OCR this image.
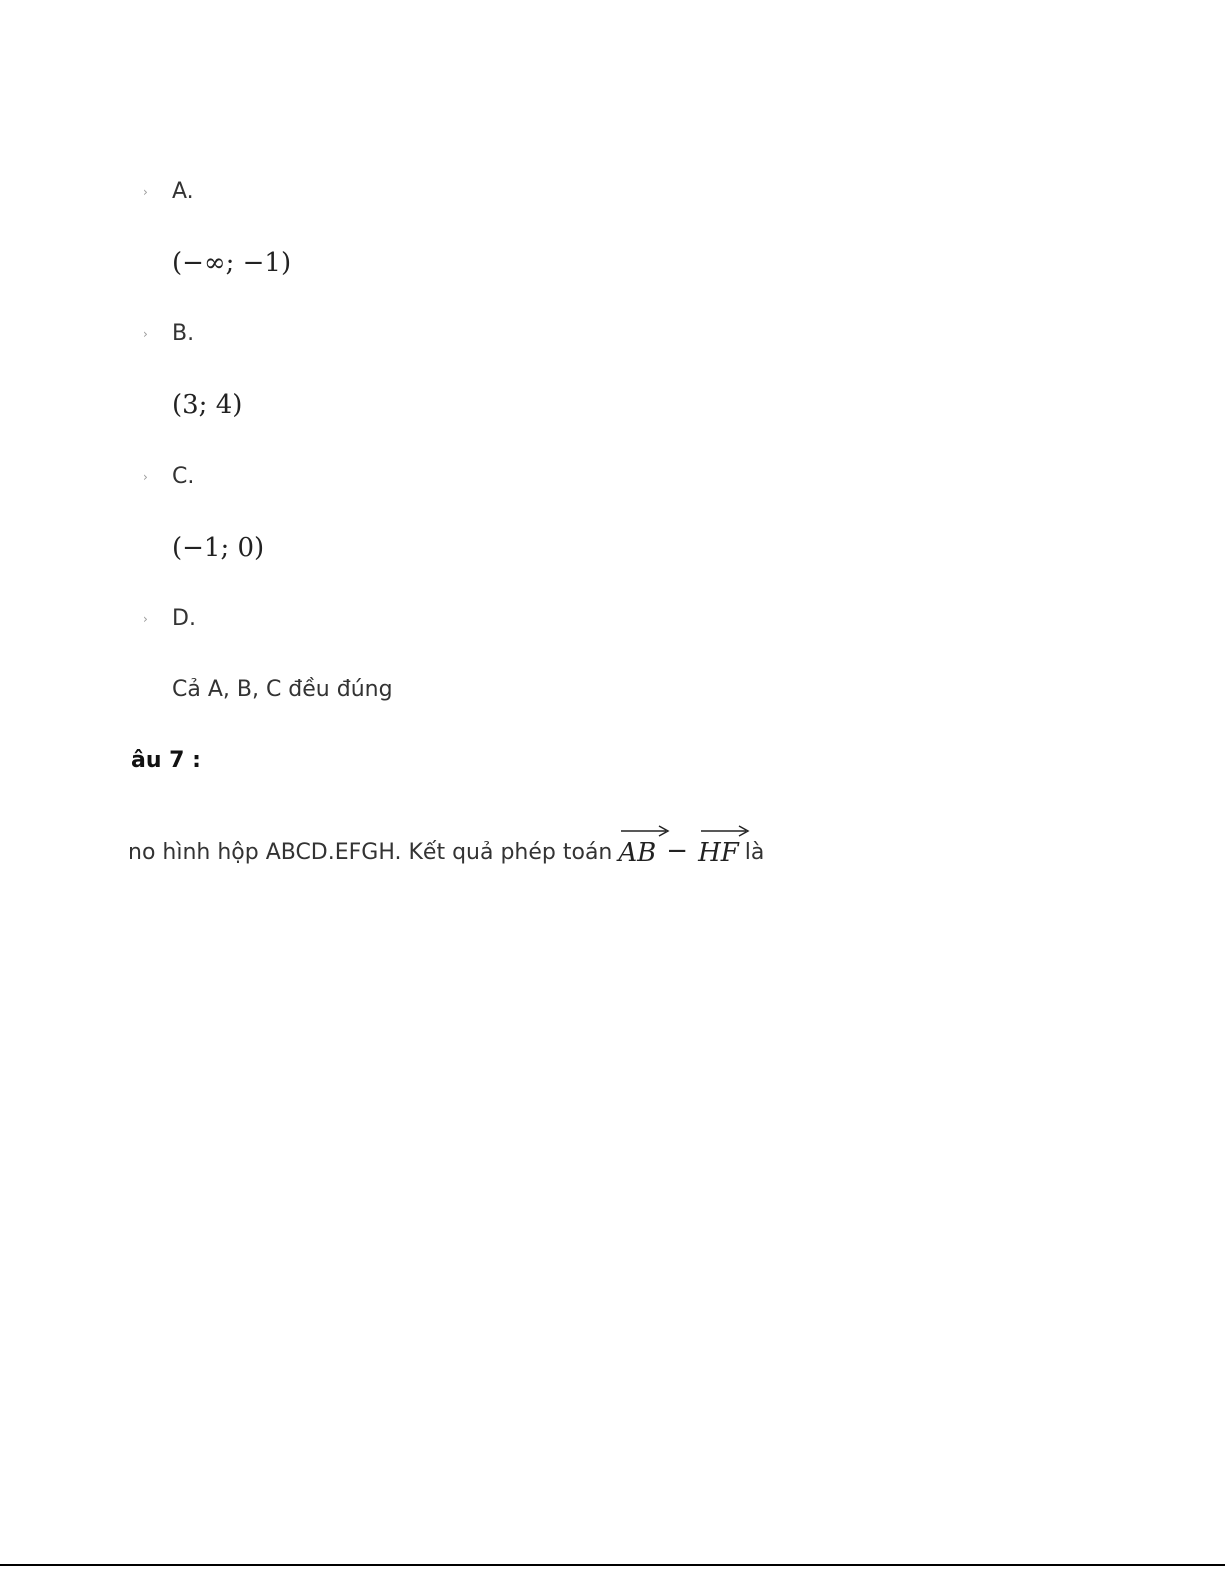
› A.
(−∞; −1)
› B.
(3; 4)
› C.
(−1; 0)
› D.
Cả A, B, C đều đúng
âu 7 :
no hình hộp ABCD.EFGH. Kết quả phép toán AB − HF là
